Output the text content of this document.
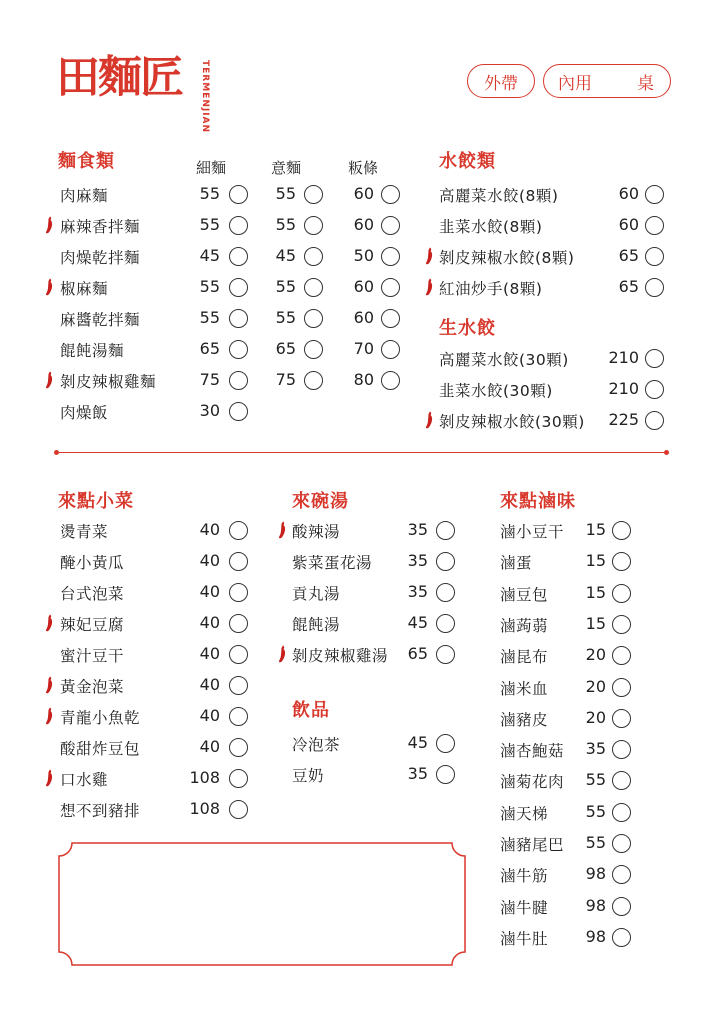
田麵匠 TERMENJIAN	外帶 內用	桌
麵食類	細麵	意麵	粄條
肉麻麵	55	55	60
麻辣香拌麵	55	55	60
肉燥乾拌麵	45	45	50
椒麻麵	55	55	60
麻醬乾拌麵	55	55	60
餛飩湯麵	65	65	70
剝皮辣椒雞麵	75	75	80
肉燥飯	30
水餃類
高麗菜水餃(8顆)	60
韭菜水餃(8顆)	60
剝皮辣椒水餃(8顆)	65
紅油炒手(8顆)	65
生水餃
高麗菜水餃(30顆)	210
韭菜水餃(30顆)	210
剝皮辣椒水餃(30顆)	225
來點小菜
燙青菜	40
醃小黃瓜	40
台式泡菜	40
辣妃豆腐	40
蜜汁豆干	40
黃金泡菜	40
青龍小魚乾	40
酸甜炸豆包	40
口水雞	108
想不到豬排	108
來碗湯
酸辣湯	35
紫菜蛋花湯	35
貢丸湯	35
餛飩湯	45
剝皮辣椒雞湯	65
飲品
冷泡茶	45
豆奶	35
來點滷味
滷小豆干	15
滷蛋	15
滷豆包	15
滷蒟蒻	15
滷昆布	20
滷米血	20
滷豬皮	20
滷杏鮑菇	35
滷菊花肉	55
滷天梯	55
滷豬尾巴	55
滷牛筋	98
滷牛腱	98
滷牛肚	98
